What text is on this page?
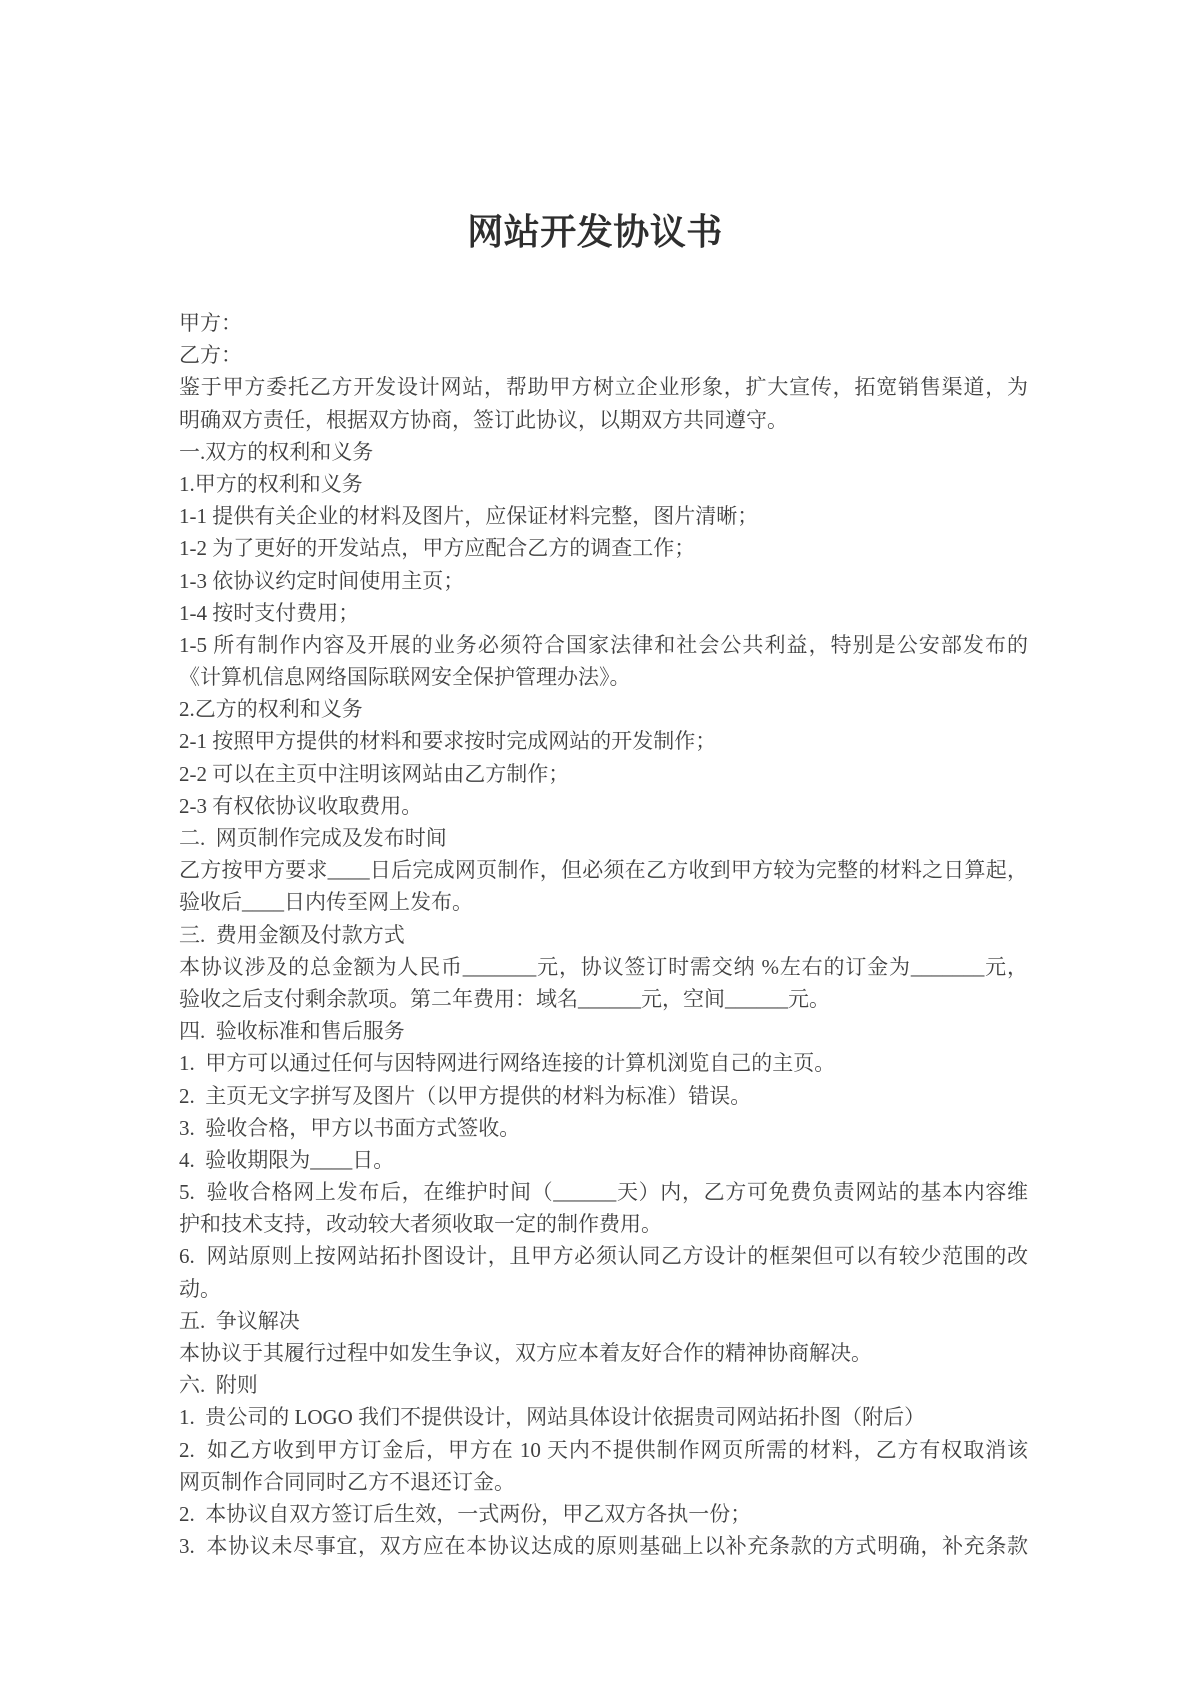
网站开发协议书
甲方：
乙方：
鉴于甲方委托乙方开发设计网站，帮助甲方树立企业形象，扩大宣传，拓宽销售渠道，为
明确双方责任，根据双方协商，签订此协议，以期双方共同遵守。
一.双方的权利和义务
1.甲方的权利和义务
1-1 提供有关企业的材料及图片，应保证材料完整，图片清晰；
1-2 为了更好的开发站点，甲方应配合乙方的调查工作；
1-3 依协议约定时间使用主页；
1-4 按时支付费用；
1-5 所有制作内容及开展的业务必须符合国家法律和社会公共利益，特别是公安部发布的
《计算机信息网络国际联网安全保护管理办法》。
2.乙方的权利和义务
2-1 按照甲方提供的材料和要求按时完成网站的开发制作；
2-2 可以在主页中注明该网站由乙方制作；
2-3 有权依协议收取费用。
二.  网页制作完成及发布时间
乙方按甲方要求____日后完成网页制作，但必须在乙方收到甲方较为完整的材料之日算起，
验收后____日内传至网上发布。
三.  费用金额及付款方式
本协议涉及的总金额为人民币_______元，协议签订时需交纳 %左右的订金为_______元，
验收之后支付剩余款项。第二年费用：域名______元，空间______元。
四.  验收标准和售后服务
1.  甲方可以通过任何与因特网进行网络连接的计算机浏览自己的主页。
2.  主页无文字拼写及图片（以甲方提供的材料为标准）错误。
3.  验收合格，甲方以书面方式签收。
4.  验收期限为____日。
5.  验收合格网上发布后，在维护时间（______天）内，乙方可免费负责网站的基本内容维
护和技术支持，改动较大者须收取一定的制作费用。
6.  网站原则上按网站拓扑图设计，且甲方必须认同乙方设计的框架但可以有较少范围的改
动。
五.  争议解决
本协议于其履行过程中如发生争议，双方应本着友好合作的精神协商解决。
六.  附则
1.  贵公司的 LOGO 我们不提供设计，网站具体设计依据贵司网站拓扑图（附后）
2.  如乙方收到甲方订金后，甲方在 10 天内不提供制作网页所需的材料，乙方有权取消该
网页制作合同同时乙方不退还订金。
2.  本协议自双方签订后生效，一式两份，甲乙双方各执一份；
3.  本协议未尽事宜，双方应在本协议达成的原则基础上以补充条款的方式明确，补充条款
